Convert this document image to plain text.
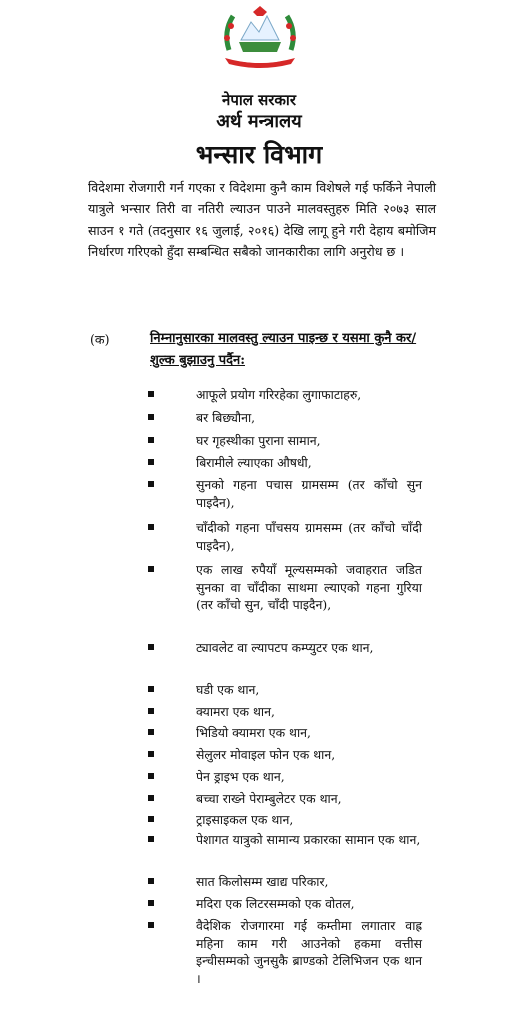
नेपाल सरकार
अर्थ मन्त्रालय
भन्सार विभाग

विदेशमा रोजगारी गर्न गएका र विदेशमा कुनै काम विशेषले गई फर्किने नेपाली यात्रुले भन्सार तिरी वा नतिरी ल्याउन पाउने मालवस्तुहरु मिति २०७३ साल साउन १ गते (तदनुसार १६ जुलाई, २०१६) देखि लागू हुने गरी देहाय बमोजिम निर्धारण गरिएको हुँदा सम्बन्धित सबैको जानकारीका लागि अनुरोध छ ।

(क)	निम्नानुसारका मालवस्तु ल्याउन पाइन्छ र यसमा कुनै कर/शुल्क बुझाउनु पर्दैन:
आफूले प्रयोग गरिरहेका लुगाफाटाहरु,
बर बिछ्यौना,
घर गृहस्थीका पुराना सामान,
बिरामीले ल्याएका औषधी,
सुनको गहना पचास ग्रामसम्म (तर काँचो सुन पाइदैन),
चाँदीको गहना पाँचसय ग्रामसम्म (तर काँचो चाँदी पाइदैन),
एक लाख रुपैयाँ मूल्यसम्मको जवाहरात जडित सुनका वा चाँदीका साथमा ल्याएको गहना गुरिया (तर काँचो सुन, चाँदी पाइदैन),
ट्यावलेट वा ल्यापटप कम्प्युटर एक थान,
घडी एक थान,
क्यामरा एक थान,
भिडियो क्यामरा एक थान,
सेलुलर मोवाइल फोन एक थान,
पेन ड्राइभ एक थान,
बच्चा राख्ने पेराम्बुलेटर एक थान,
ट्राइसाइकल एक थान,
पेशागत यात्रुको सामान्य प्रकारका सामान एक थान,
सात किलोसम्म खाद्य परिकार,
मदिरा एक लिटरसम्मको एक वोतल,
वैदेशिक रोजगारमा गई कम्तीमा लगातार वाह्र महिना काम गरी आउनेको हकमा वत्तीस इन्चीसम्मको जुनसुकै ब्राण्डको टेलिभिजन एक थान ।
